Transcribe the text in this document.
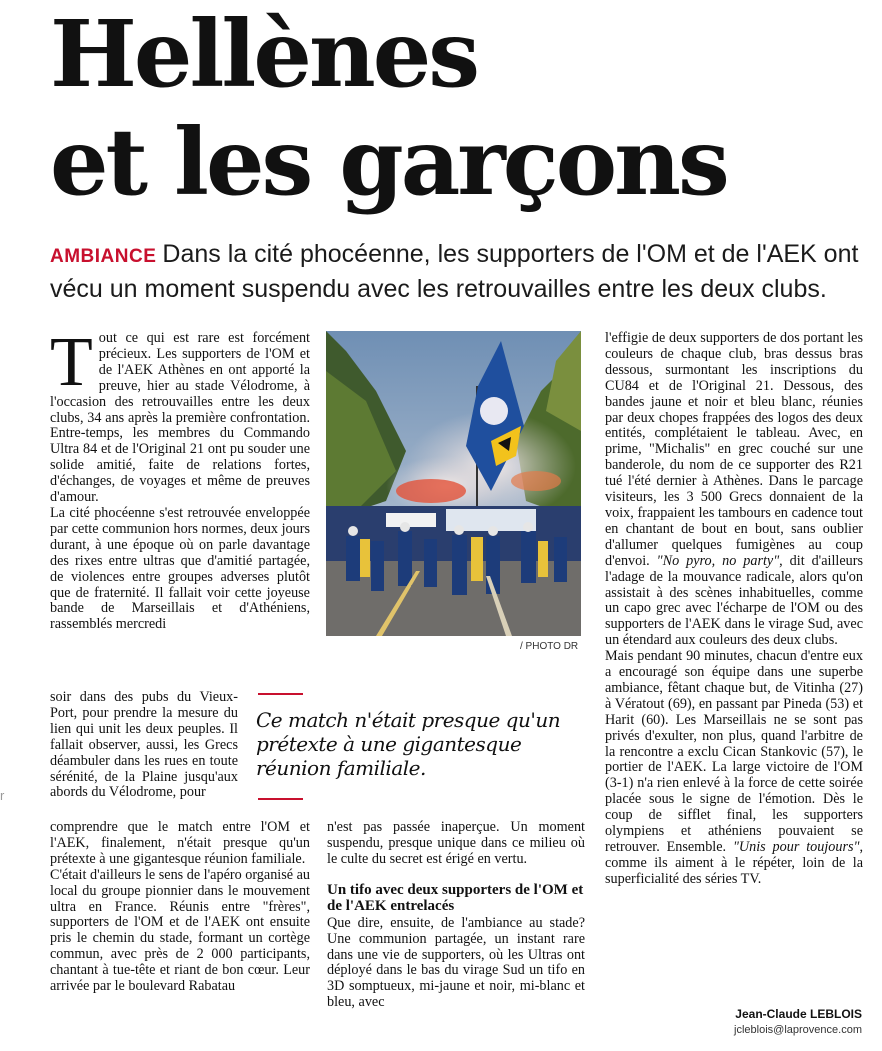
Hellènes
et les garçons

AMBIANCE Dans la cité phocéenne, les supporters de l'OM et de l'AEK ont vécu un moment suspendu avec les retrouvailles entre les deux clubs.

T out ce qui est rare est forcément précieux. Les supporters de l'OM et de l'AEK Athènes en ont apporté la preuve, hier au stade Vélodrome, à l'occasion des retrouvailles entre les deux clubs, 34 ans après la première confrontation. Entre-temps, les membres du Commando Ultra 84 et de l'Original 21 ont pu souder une solide amitié, faite de relations fortes, d'échanges, de voyages et même de preuves d'amour.

La cité phocéenne s'est retrouvée enveloppée par cette communion hors normes, deux jours durant, à une époque où on parle davantage des rixes entre ultras que d'amitié partagée, de violences entre groupes adverses plutôt que de fraternité. Il fallait voir cette joyeuse bande de Marseillais et d'Athéniens, rassemblés mercredi

soir dans des pubs du Vieux-Port, pour prendre la mesure du lien qui unit les deux peuples. Il fallait observer, aussi, les Grecs déambuler dans les rues en toute sérénité, de la Plaine jusqu'aux abords du Vélodrome, pour

comprendre que le match entre l'OM et l'AEK, finalement, n'était presque qu'un prétexte à une gigantesque réunion familiale.

C'était d'ailleurs le sens de l'apéro organisé au local du groupe pionnier dans le mouvement ultra en France. Réunis entre "frères", supporters de l'OM et de l'AEK ont ensuite pris le chemin du stade, formant un cortège commun, avec près de 2 000 participants, chantant à tue-tête et riant de bon cœur. Leur arrivée par le boulevard Rabatau

/ PHOTO DR
Ce match n'était presque qu'un prétexte à une gigantesque réunion familiale.

n'est pas passée inaperçue. Un moment suspendu, presque unique dans ce milieu où le culte du secret est érigé en vertu.

Un tifo avec deux supporters de l'OM et de l'AEK entrelacés

Que dire, ensuite, de l'ambiance au stade? Une communion partagée, un instant rare dans une vie de supporters, où les Ultras ont déployé dans le bas du virage Sud un tifo en 3D somptueux, mi-jaune et noir, mi-blanc et bleu, avec

l'effigie de deux supporters de dos portant les couleurs de chaque club, bras dessus bras dessous, surmontant les inscriptions du CU84 et de l'Original 21. Dessous, des bandes jaune et noir et bleu blanc, réunies par deux chopes frappées des logos des deux entités, complétaient le tableau. Avec, en prime, "Michalis" en grec couché sur une banderole, du nom de ce supporter des R21 tué l'été dernier à Athènes. Dans le parcage visiteurs, les 3 500 Grecs donnaient de la voix, frappaient les tambours en cadence tout en chantant de bout en bout, sans oublier d'allumer quelques fumigènes au coup d'envoi. "No pyro, no party", dit d'ailleurs l'adage de la mouvance radicale, alors qu'on assistait à des scènes inhabituelles, comme un capo grec avec l'écharpe de l'OM ou des supporters de l'AEK dans le virage Sud, avec un étendard aux couleurs des deux clubs.

Mais pendant 90 minutes, chacun d'entre eux a encouragé son équipe dans une superbe ambiance, fêtant chaque but, de Vitinha (27) à Vératout (69), en passant par Pineda (53) et Harit (60). Les Marseillais ne se sont pas privés d'exulter, non plus, quand l'arbitre de la rencontre a exclu Cican Stankovic (57), le portier de l'AEK. La large victoire de l'OM (3-1) n'a rien enlevé à la force de cette soirée placée sous le signe de l'émotion. Dès le coup de sifflet final, les supporters olympiens et athéniens pouvaient se retrouver. Ensemble. "Unis pour toujours", comme ils aiment à le répéter, loin de la superficialité des séries TV.

Jean-Claude LEBLOIS
jcleblois@laprovence.com
r
